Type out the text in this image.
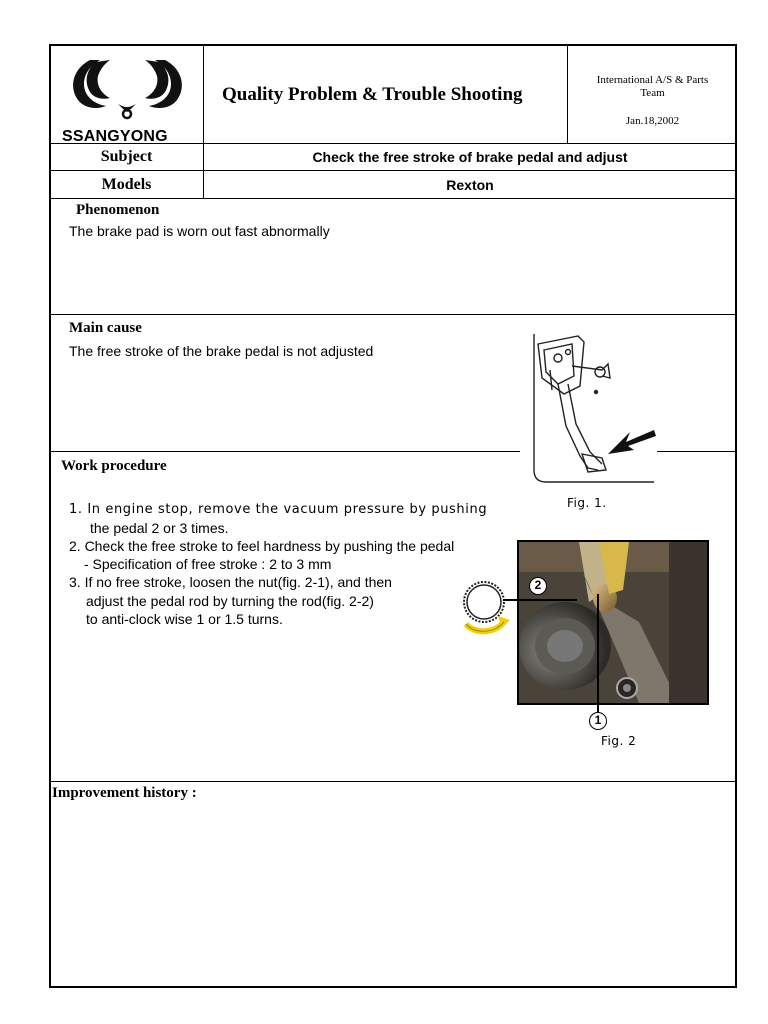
SSANGYONG
Quality Problem & Trouble Shooting
International A/S & Parts
Team
Jan.18,2002
Subject	Check the free stroke of brake pedal and adjust
Models	Rexton
Phenomenon
The brake pad is worn out fast abnormally
Main cause
The free stroke of the brake pedal is not adjusted
Fig. 1.
Work procedure
1. In engine stop, remove the vacuum pressure by pushing
the pedal 2 or 3 times.
2. Check the free stroke to feel hardness by pushing the pedal
- Specification of free stroke : 2 to 3 mm
3. If no free stroke, loosen the nut(fig. 2-1), and then
adjust the pedal rod by turning the rod(fig. 2-2)
to anti-clock wise 1 or 1.5 turns.
2
1
Fig. 2
Improvement history :
